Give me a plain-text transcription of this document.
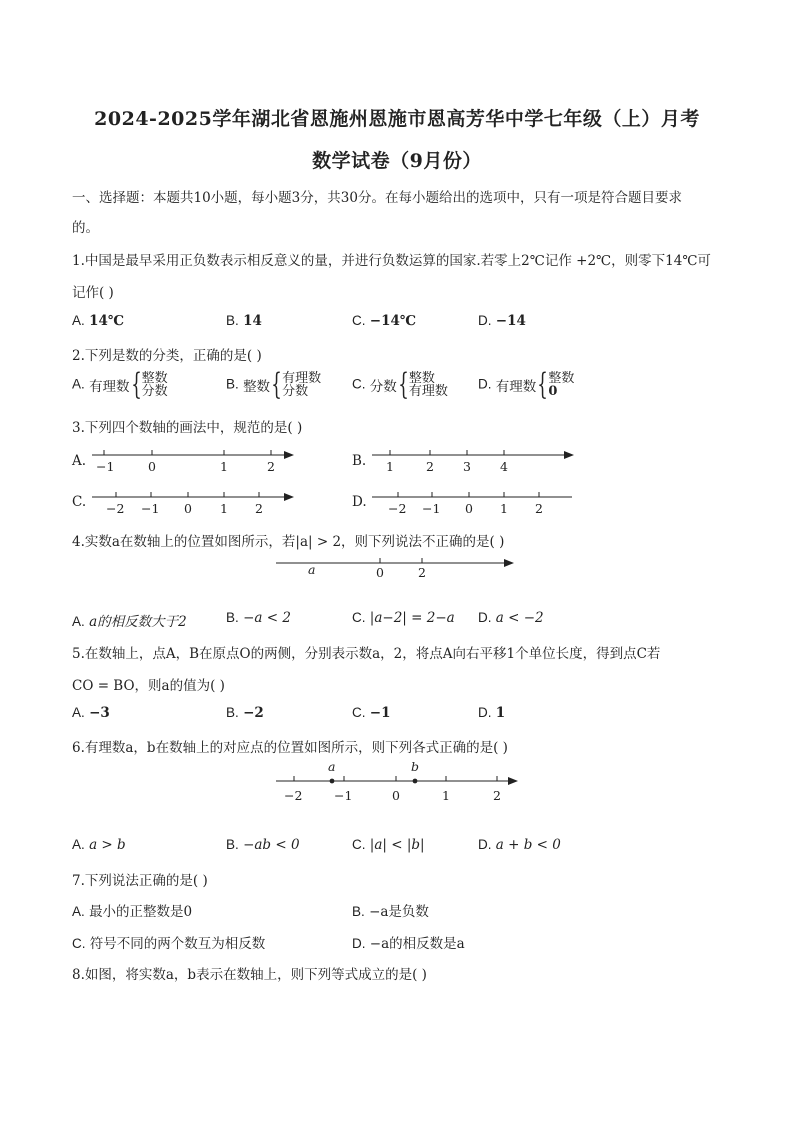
2024-2025学年湖北省恩施州恩施市恩高芳华中学七年级（上）月考
数学试卷（9月份）
一、选择题：本题共10小题，每小题3分，共30分。在每小题给出的选项中，只有一项是符合题目要求
的。
1.中国是最早采用正负数表示相反意义的量，并进行负数运算的国家.若零上2℃记作 +2℃，则零下14℃可
记作( )
A. 14℃	B. 14	C. −14℃	D. −14
2.下列是数的分类，正确的是( )
A. 有理数 { 整数
分数	B. 整数 { 有理数
分数	C. 分数 { 整数
有理数 D. 有理数 { 整数
0
3.下列四个数轴的画法中，规范的是( )
A. −1	0	1	2	B. 1	2 3 4
C. −2 −1 0 1 2	D. −2 −1 0 1 2
4.实数a在数轴上的位置如图所示，若|a| > 2，则下列说法不正确的是( )
a	0	2
A. a的相反数大于2	B. −a < 2	C. |a−2| = 2−a D. a < −2
5.在数轴上，点A，B在原点O的两侧，分别表示数a，2，将点A向右平移1个单位长度，得到点C若
CO = BO，则a的值为( )
A. −3	B. −2	C. −1	D. 1
6.有理数a，b在数轴上的对应点的位置如图所示，则下列各式正确的是( )
a	b
−2	−1	0	1	2
A. a > b	B. −ab < 0	C. |a| < |b|	D. a + b < 0
7.下列说法正确的是( )
A. 最小的正整数是0	B. −a是负数
C. 符号不同的两个数互为相反数	D. −a的相反数是a
8.如图，将实数a，b表示在数轴上，则下列等式成立的是( )
